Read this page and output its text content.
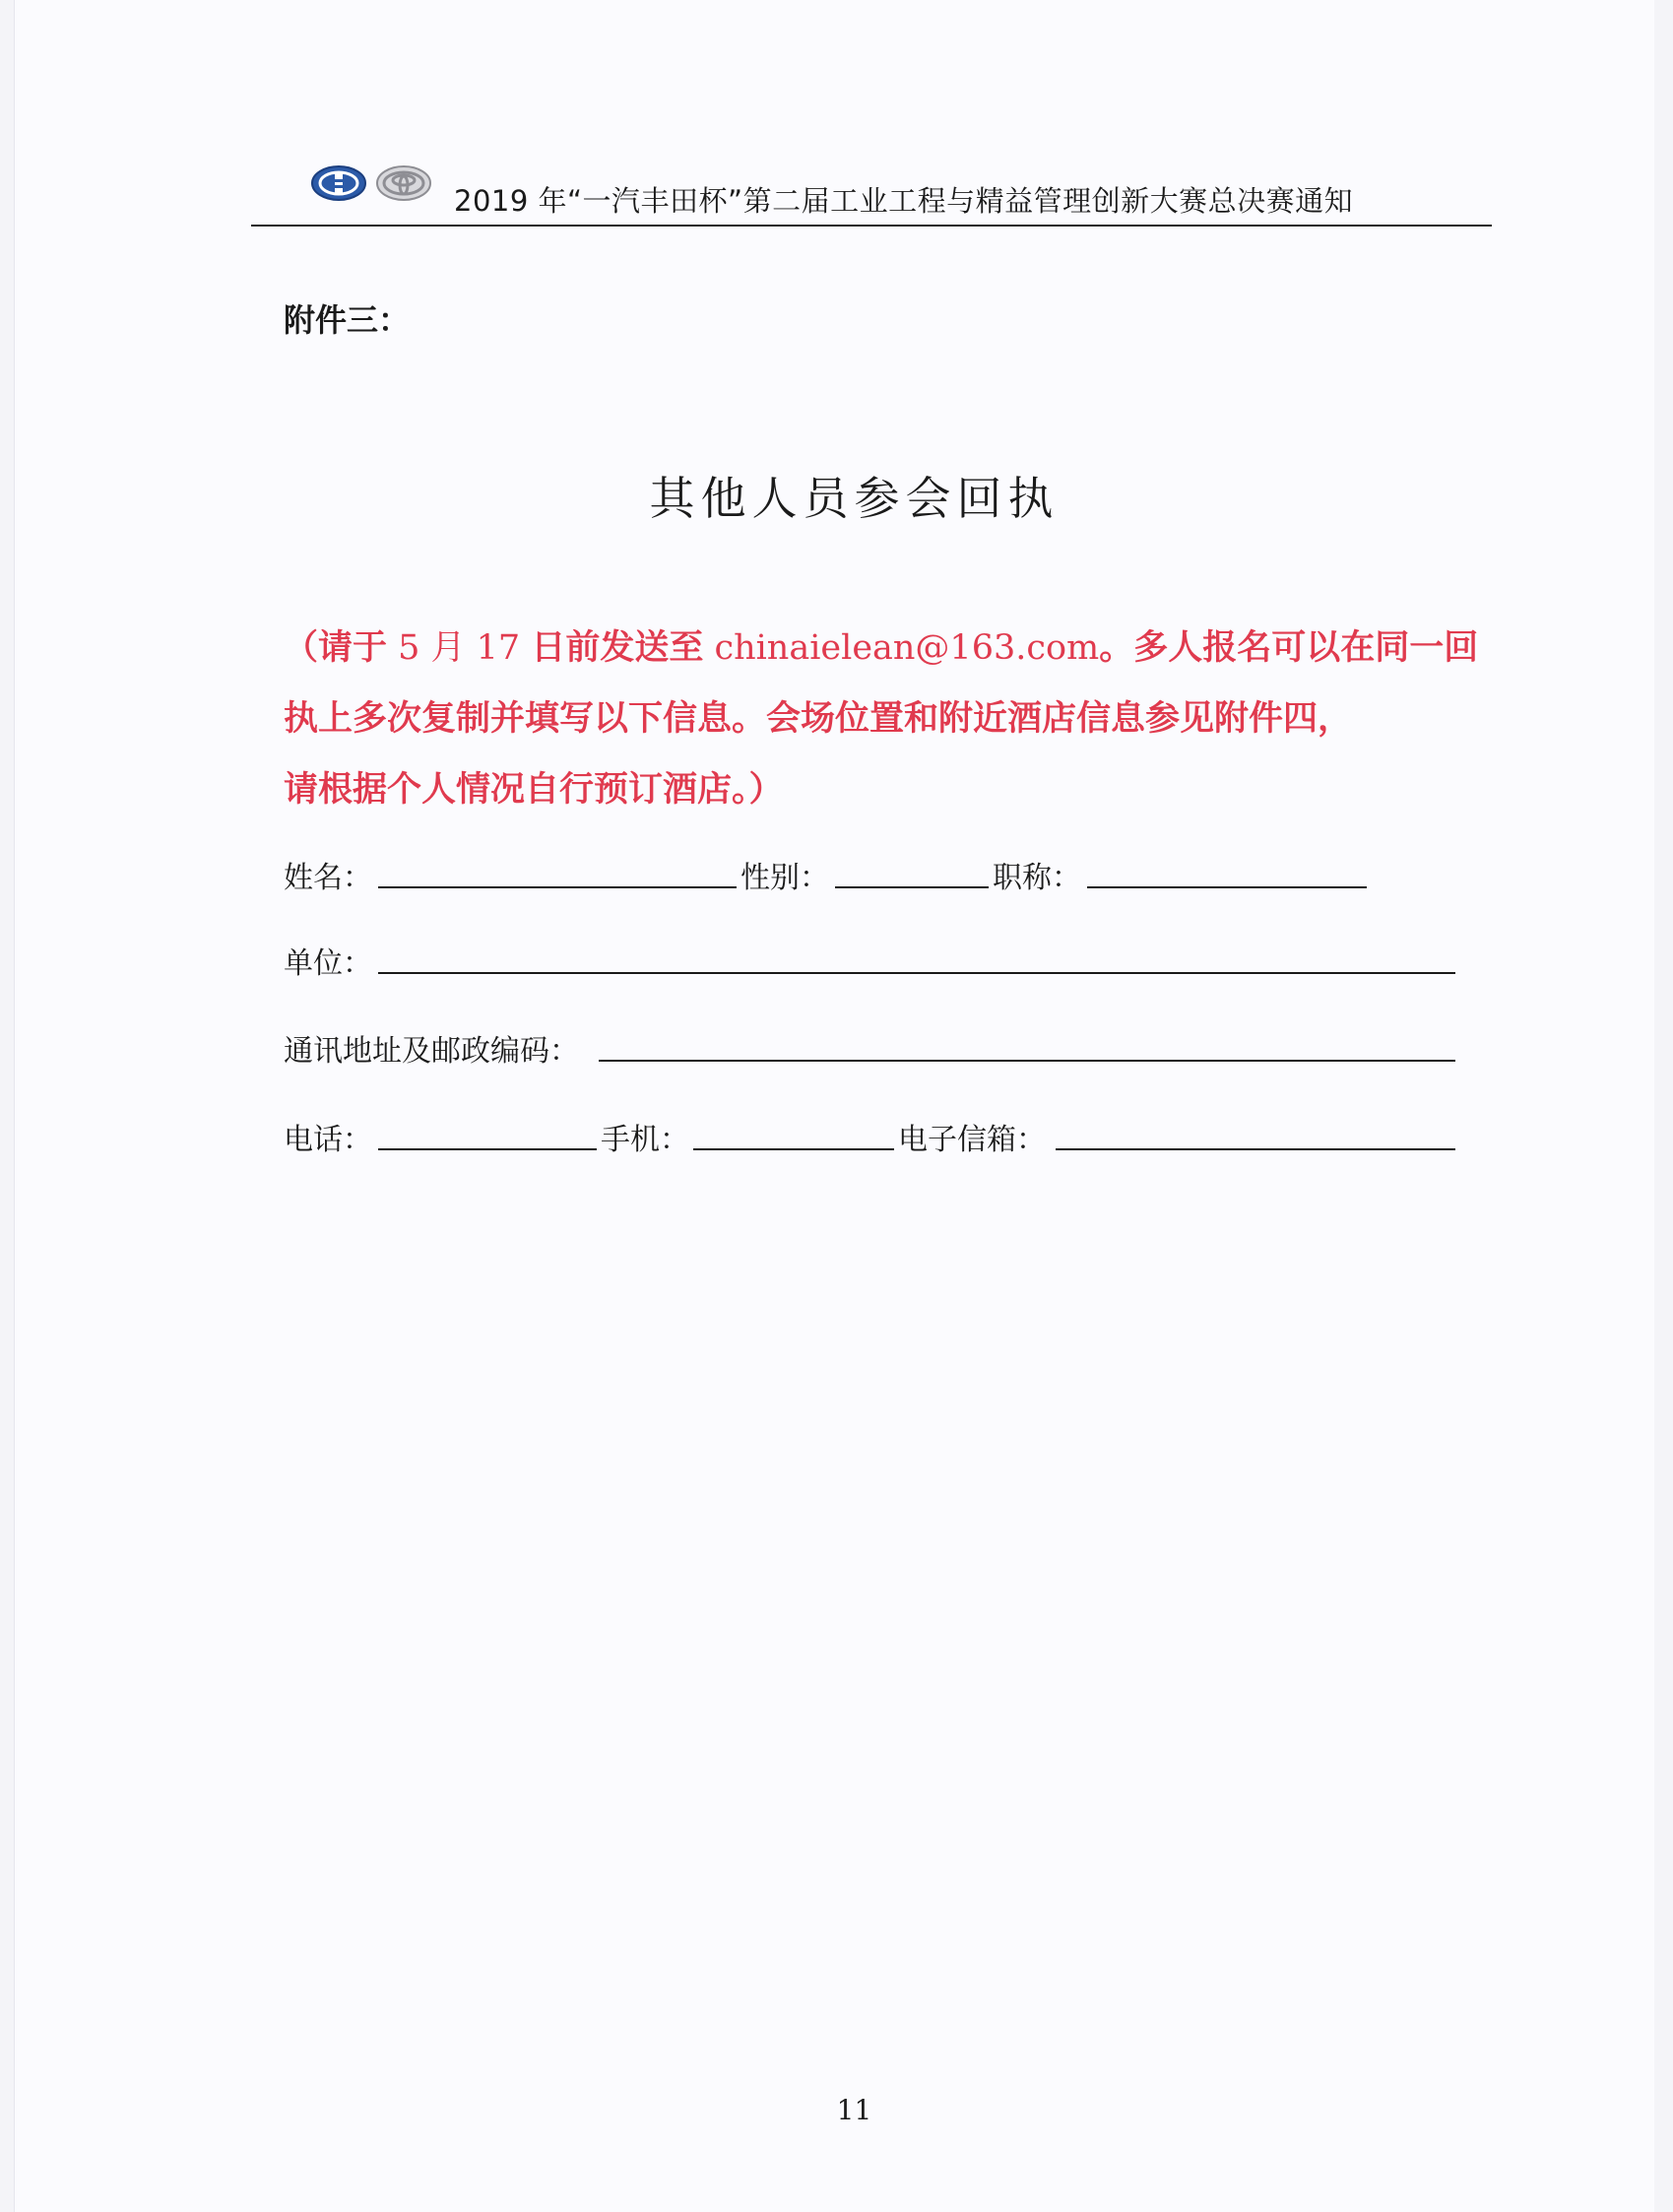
2019 年“一汽丰田杯”第二届工业工程与精益管理创新大赛总决赛通知
附件三：
其他人员参会回执
（请于 5 月 17 日前发送至 chinaielean@163.com。多人报名可以在同一回
执上多次复制并填写以下信息。会场位置和附近酒店信息参见附件四，
请根据个人情况自行预订酒店。）
姓名：	性别：	职称：
单位：
通讯地址及邮政编码：
电话：	手机：	电子信箱：
11
